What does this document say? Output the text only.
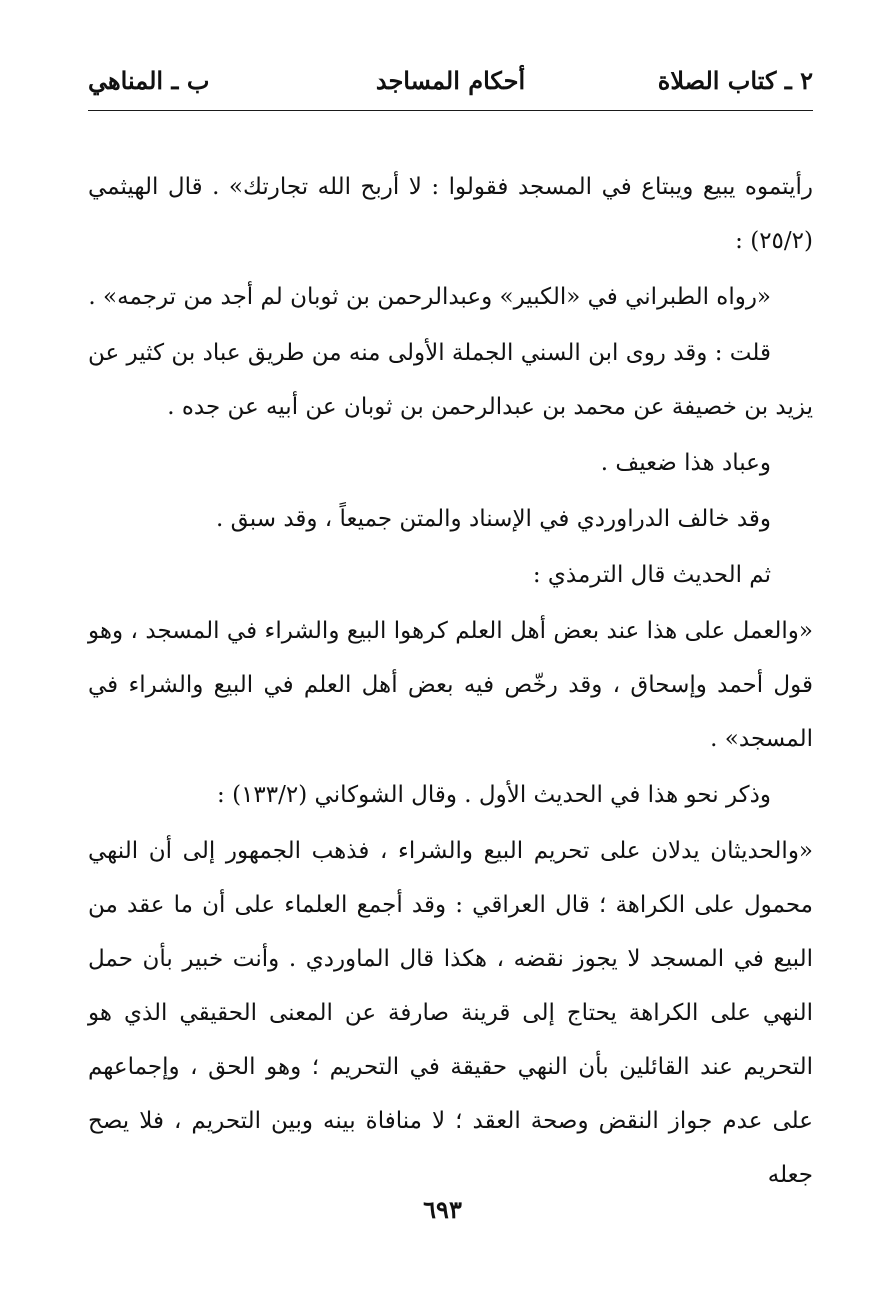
٢ ـ كتاب الصلاة
أحكام المساجد
ب ـ المناهي

رأيتموه يبيع ويبتاع في المسجد فقولوا : لا أربح الله تجارتك» . قال الهيثمي (٢٥/٢) :

«رواه الطبراني في «الكبير» وعبدالرحمن بن ثوبان لم أجد من ترجمه» .

قلت : وقد روى ابن السني الجملة الأولى منه من طريق عباد بن كثير عن يزيد بن خصيفة عن محمد بن عبدالرحمن بن ثوبان عن أبيه عن جده .

وعباد هذا ضعيف .

وقد خالف الدراوردي في الإسناد والمتن جميعاً ، وقد سبق .

ثم الحديث قال الترمذي :

«والعمل على هذا عند بعض أهل العلم كرهوا البيع والشراء في المسجد ، وهو قول أحمد وإسحاق ، وقد رخّص فيه بعض أهل العلم في البيع والشراء في المسجد» .

وذكر نحو هذا في الحديث الأول . وقال الشوكاني (١٣٣/٢) :

«والحديثان يدلان على تحريم البيع والشراء ، فذهب الجمهور إلى أن النهي محمول على الكراهة ؛ قال العراقي : وقد أجمع العلماء على أن ما عقد من البيع في المسجد لا يجوز نقضه ، هكذا قال الماوردي . وأنت خبير بأن حمل النهي على الكراهة يحتاج إلى قرينة صارفة عن المعنى الحقيقي الذي هو التحريم عند القائلين بأن النهي حقيقة في التحريم ؛ وهو الحق ، وإجماعهم على عدم جواز النقض وصحة العقد ؛ لا منافاة بينه وبين التحريم ، فلا يصح جعله

٦٩٣
